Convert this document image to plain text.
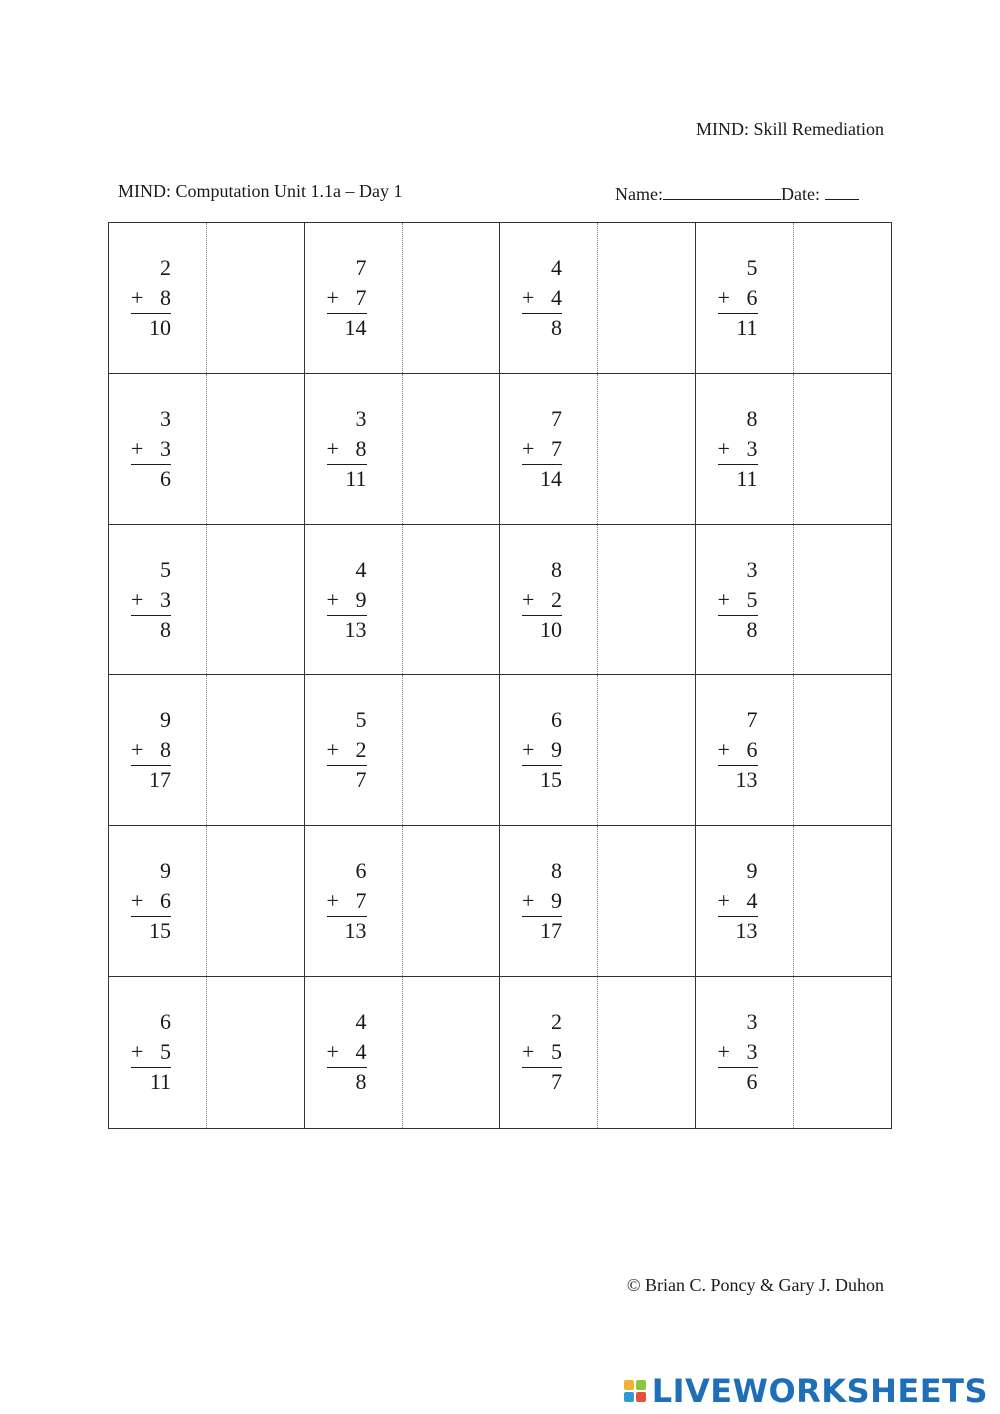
MIND: Skill Remediation
MIND: Computation Unit 1.1a – Day 1	Name:	Date:
2
+ 8
10
7
+ 7
14
4
+ 4
8
5
+ 6
11
3
+ 3
6
3
+ 8
11
7
+ 7
14
8
+ 3
11
5
+ 3
8
4
+ 9
13
8
+ 2
10
3
+ 5
8
9
+ 8
17
5
+ 2
7
6
+ 9
15
7
+ 6
13
9
+ 6
15
6
+ 7
13
8
+ 9
17
9
+ 4
13
6
+ 5
11
4
+ 4
8
2
+ 5
7
3
+ 3
6
© Brian C. Poncy & Gary J. Duhon
LIVEWORKSHEETS
